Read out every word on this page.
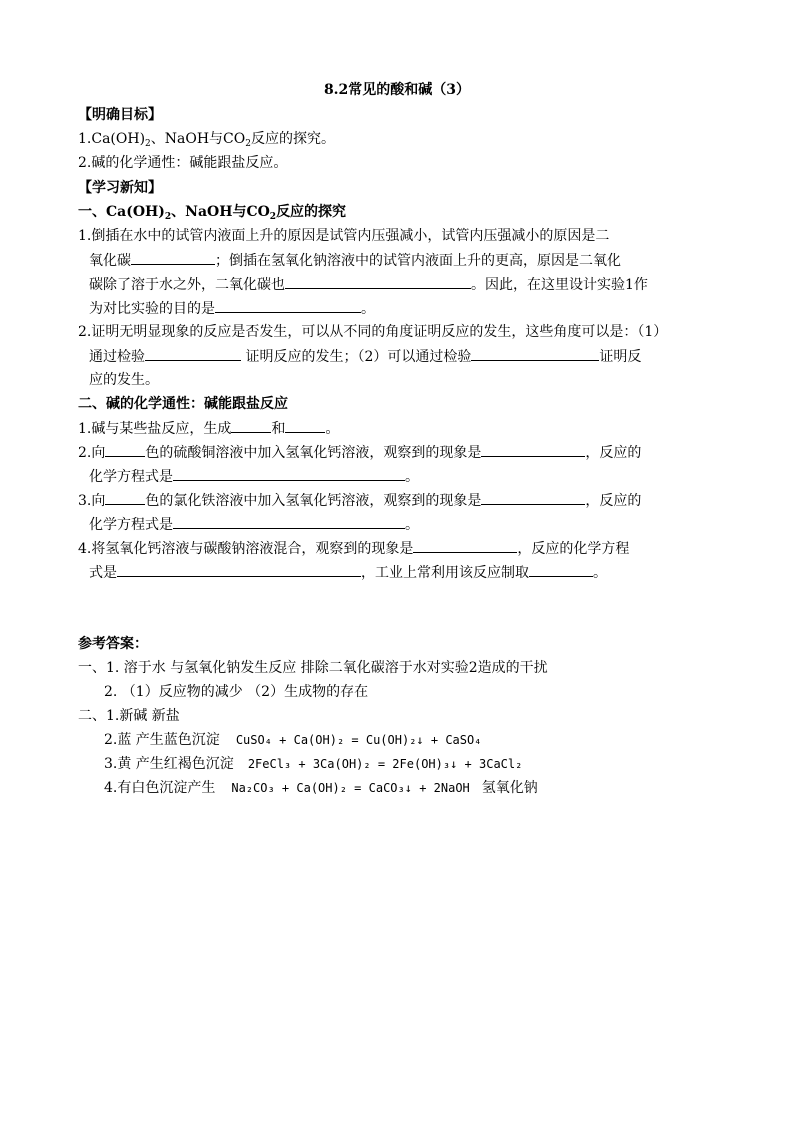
8.2常见的酸和碱（3）
【明确目标】
$1.Ca(OH)_2$、NaOH与$CO_2$反应的探究。
2.碱的化学通性：碱能跟盐反应。
【学习新知】
一、$Ca(OH)_2$、NaOH与$CO_2$反应的探究
1.倒插在水中的试管内液面上升的原因是试管内压强减小，试管内压强减小的原因是二
氧化碳	；倒插在氢氧化钠溶液中的试管内液面上升的更高，原因是二氧化
碳除了溶于水之外，二氧化碳也	。因此，在这里设计实验1作
为对比实验的目的是	。
2.证明无明显现象的反应是否发生，可以从不同的角度证明反应的发生，这些角度可以是：（1）
通过检验	证明反应的发生；（2）可以通过检验	证明反
应的发生。
二、碱的化学通性：碱能跟盐反应
1.碱与某些盐反应，生成	和	。
2.向	色的硫酸铜溶液中加入氢氧化钙溶液，观察到的现象是	，反应的
化学方程式是	。
3.向	色的氯化铁溶液中加入氢氧化钙溶液，观察到的现象是	，反应的
化学方程式是	。
4.将氢氧化钙溶液与碳酸钠溶液混合，观察到的现象是	，反应的化学方程
式是	，工业上常利用该反应制取	。
参考答案：
一、1. 溶于水 与氢氧化钠发生反应 排除二氧化碳溶于水对实验2造成的干扰
2. （1）反应物的减少 （2）生成物的存在
二、1.新碱 新盐
2.蓝 产生蓝色沉淀 CuSO₄ + Ca(OH)₂ = Cu(OH)₂↓ + CaSO₄
3.黄 产生红褐色沉淀 2FeCl₃ + 3Ca(OH)₂ = 2Fe(OH)₃↓ + 3CaCl₂
4.有白色沉淀产生 Na₂CO₃ + Ca(OH)₂ = CaCO₃↓ + 2NaOH 氢氧化钠
